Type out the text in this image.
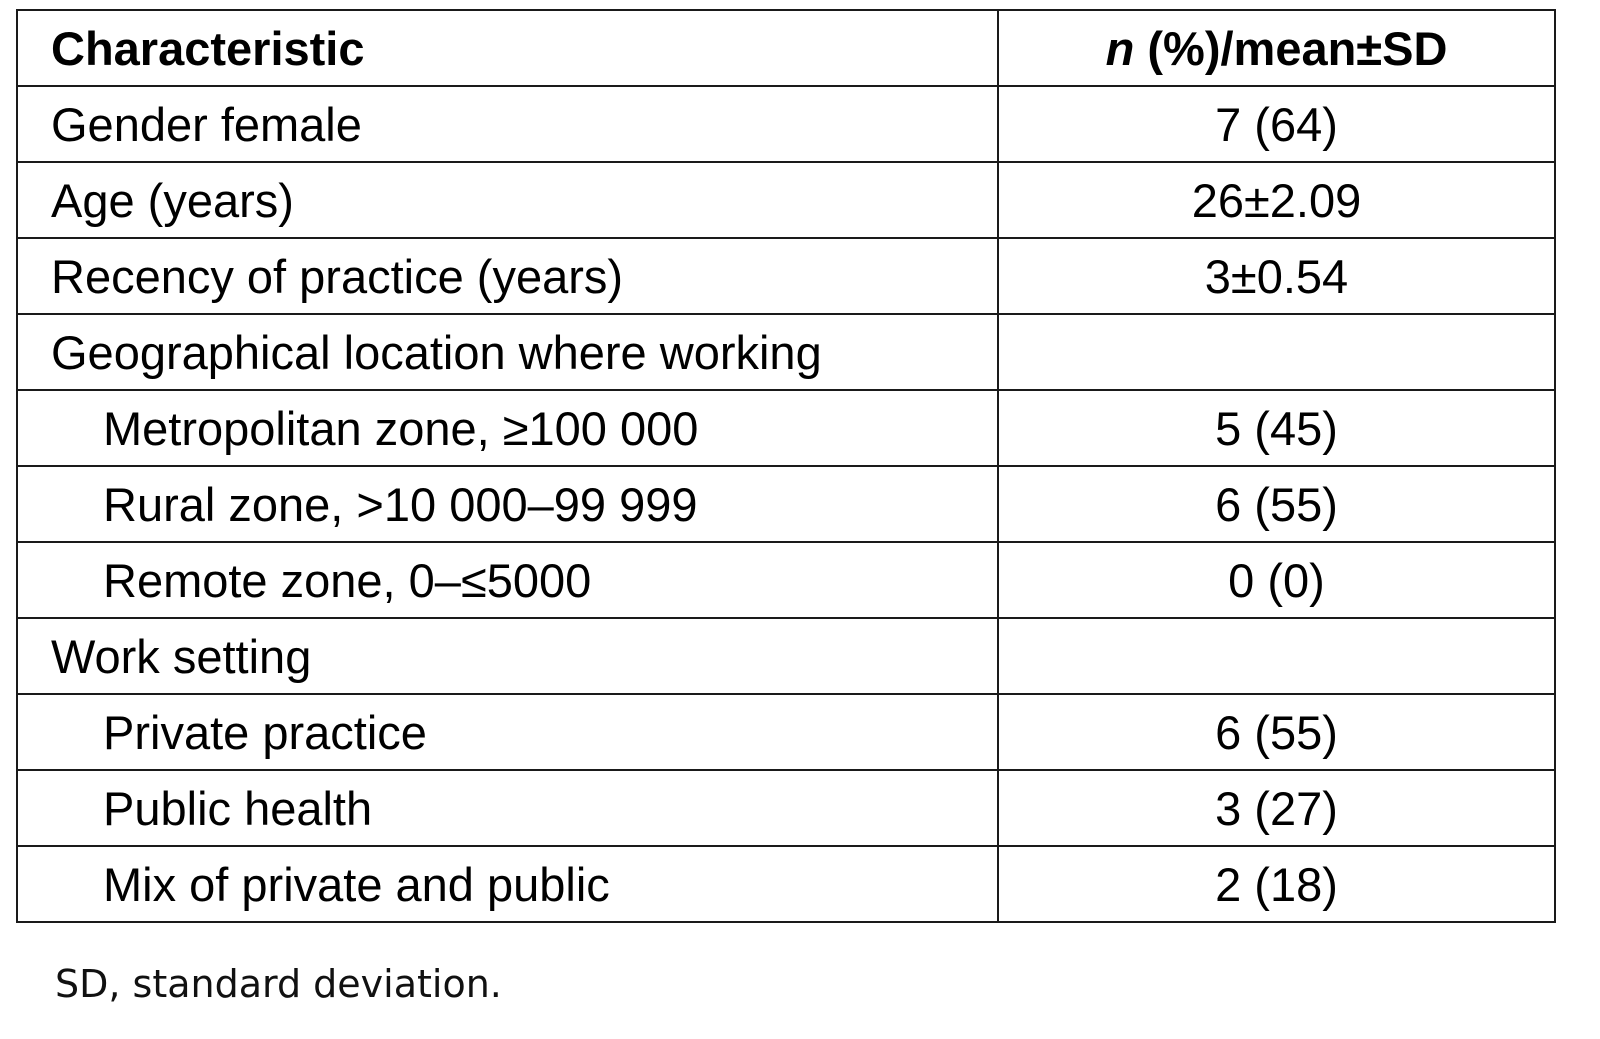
Characteristic	n (%)/mean±SD
Gender female	7 (64)
Age (years)	26±2.09
Recency of practice (years)	3±0.54
Geographical location where working	
Metropolitan zone, ≥100 000	5 (45)
Rural zone, >10 000–99 999	6 (55)
Remote zone, 0–≤5000	0 (0)
Work setting	
Private practice	6 (55)
Public health	3 (27)
Mix of private and public	2 (18)
SD, standard deviation.
